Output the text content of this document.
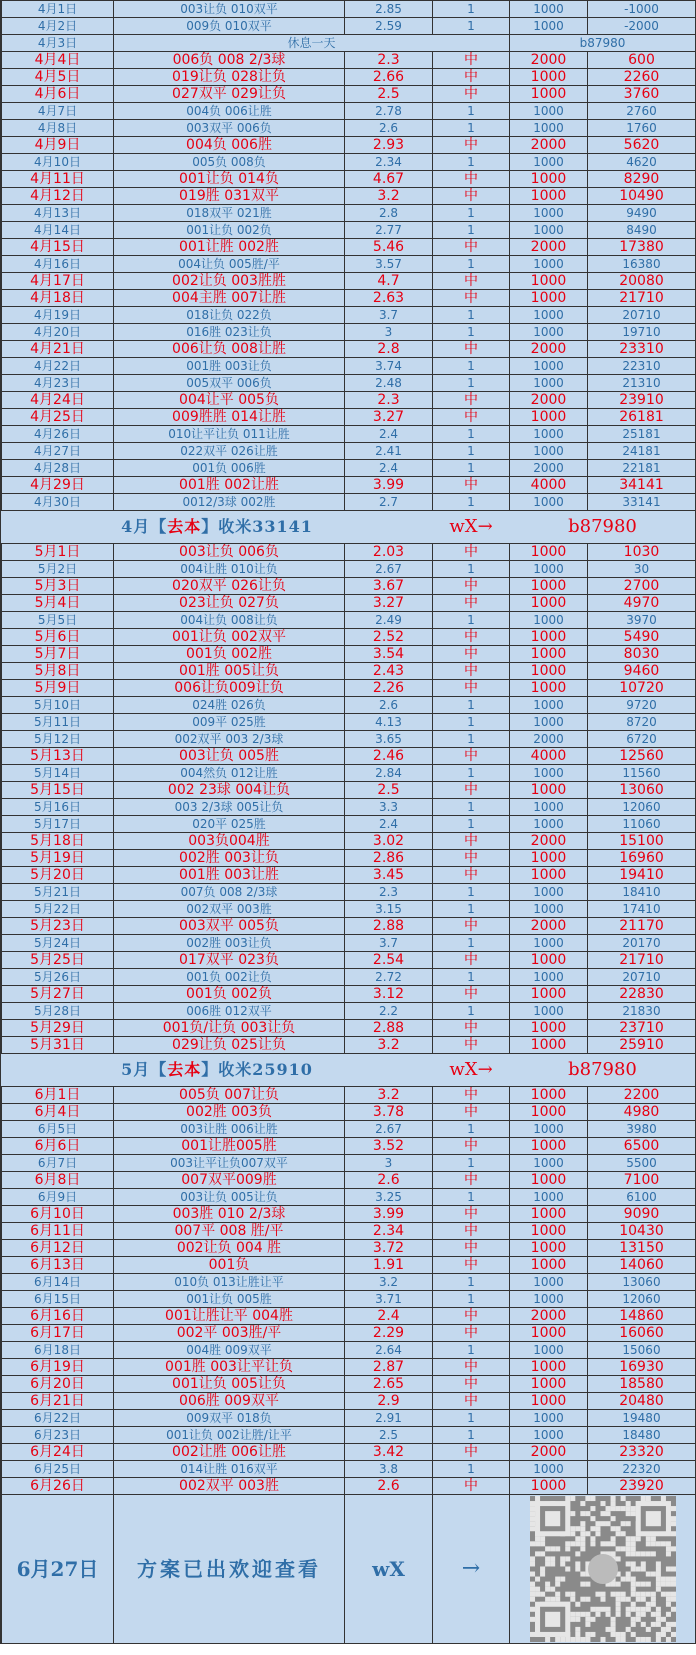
4月1日	003让负 010双平	2.85	1	1000	-1000
4月2日	009负 010双平	2.59	1	1000	-2000
4月3日	休息一天			b87980	
4月4日	006负 008 2/3球	2.3	中	2000	600
4月5日	019让负 028让负	2.66	中	1000	2260
4月6日	027双平 029让负	2.5	中	1000	3760
4月7日	004负 006让胜	2.78	1	1000	2760
4月8日	003双平 006负	2.6	1	1000	1760
4月9日	004负 006胜	2.93	中	2000	5620
4月10日	005负 008负	2.34	1	1000	4620
4月11日	001让负 014负	4.67	中	1000	8290
4月12日	019胜 031双平	3.2	中	1000	10490
4月13日	018双平 021胜	2.8	1	1000	9490
4月14日	001让负 002负	2.77	1	1000	8490
4月15日	001让胜 002胜	5.46	中	2000	17380
4月16日	004让负 005胜/平	3.57	1	1000	16380
4月17日	002让负 003胜胜	4.7	中	1000	20080
4月18日	004主胜 007让胜	2.63	中	1000	21710
4月19日	018让负 022负	3.7	1	1000	20710
4月20日	016胜 023让负	3	1	1000	19710
4月21日	006让负 008让胜	2.8	中	2000	23310
4月22日	001胜 003让负	3.74	1	1000	22310
4月23日	005双平 006负	2.48	1	1000	21310
4月24日	004让平 005负	2.3	中	2000	23910
4月25日	009胜胜 014让胜	3.27	中	1000	26181
4月26日	010让平让负 011让胜	2.4	1	1000	25181
4月27日	022双平 026让胜	2.41	1	1000	24181
4月28日	001负 006胜	2.4	1	2000	22181
4月29日	001胜 002让胜	3.99	中	4000	34141
4月30日	0012/3球 002胜	2.7	1	1000	33141
4月【去本】收米33141			wX→	b87980	
5月1日	003让负 006负	2.03	中	1000	1030
5月2日	004让胜 010让负	2.67	1	1000	30
5月3日	020双平 026让负	3.67	中	1000	2700
5月4日	023让负 027负	3.27	中	1000	4970
5月5日	004让负 008让负	2.49	1	1000	3970
5月6日	001让负 002双平	2.52	中	1000	5490
5月7日	001负 002胜	3.54	中	1000	8030
5月8日	001胜 005让负	2.43	中	1000	9460
5月9日	006让负009让负	2.26	中	1000	10720
5月10日	024胜 026负	2.6	1	1000	9720
5月11日	009平 025胜	4.13	1	1000	8720
5月12日	002双平 003 2/3球	3.65	1	2000	6720
5月13日	003让负 005胜	2.46	中	4000	12560
5月14日	004然负 012让胜	2.84	1	1000	11560
5月15日	002 23球 004让负	2.5	中	1000	13060
5月16日	003 2/3球 005让负	3.3	1	1000	12060
5月17日	020平 025胜	2.4	1	1000	11060
5月18日	003负004胜	3.02	中	2000	15100
5月19日	002胜 003让负	2.86	中	1000	16960
5月20日	001胜 003让胜	3.45	中	1000	19410
5月21日	007负 008 2/3球	2.3	1	1000	18410
5月22日	002双平 003胜	3.15	1	1000	17410
5月23日	003双平 005负	2.88	中	2000	21170
5月24日	002胜 003让负	3.7	1	1000	20170
5月25日	017双平 023负	2.54	中	1000	21710
5月26日	001负 002让负	2.72	1	1000	20710
5月27日	001负 002负	3.12	中	1000	22830
5月28日	006胜 012双平	2.2	1	1000	21830
5月29日	001负/让负 003让负	2.88	中	1000	23710
5月31日	029让负 025让负	3.2	中	1000	25910
5月【去本】收米25910			wX→	b87980	
6月1日	005负 007让负	3.2	中	1000	2200
6月4日	002胜 003负	3.78	中	1000	4980
6月5日	003让胜 006让胜	2.67	1	1000	3980
6月6日	001让胜005胜	3.52	中	1000	6500
6月7日	003让平让负007双平	3	1	1000	5500
6月8日	007双平009胜	2.6	中	1000	7100
6月9日	003让负 005让负	3.25	1	1000	6100
6月10日	003胜 010 2/3球	3.99	中	1000	9090
6月11日	007平 008 胜/平	2.34	中	1000	10430
6月12日	002让负 004 胜	3.72	中	1000	13150
6月13日	001负	1.91	中	1000	14060
6月14日	010负 013让胜让平	3.2	1	1000	13060
6月15日	001让负 005胜	3.71	1	1000	12060
6月16日	001让胜让平 004胜	2.4	中	2000	14860
6月17日	002平 003胜/平	2.29	中	1000	16060
6月18日	004胜 009双平	2.64	1	1000	15060
6月19日	001胜 003让平让负	2.87	中	1000	16930
6月20日	001让负 005让负	2.65	中	1000	18580
6月21日	006胜 009双平	2.9	中	1000	20480
6月22日	009双平 018负	2.91	1	1000	19480
6月23日	001让负 002让胜/让平	2.5	1	1000	18480
6月24日	002让胜 006让胜	3.42	中	2000	23320
6月25日	014让胜 016双平	3.8	1	1000	22320
6月26日	002双平 003胜	2.6	中	1000	23920
6月27日	方案已出欢迎查看	wX	→	
